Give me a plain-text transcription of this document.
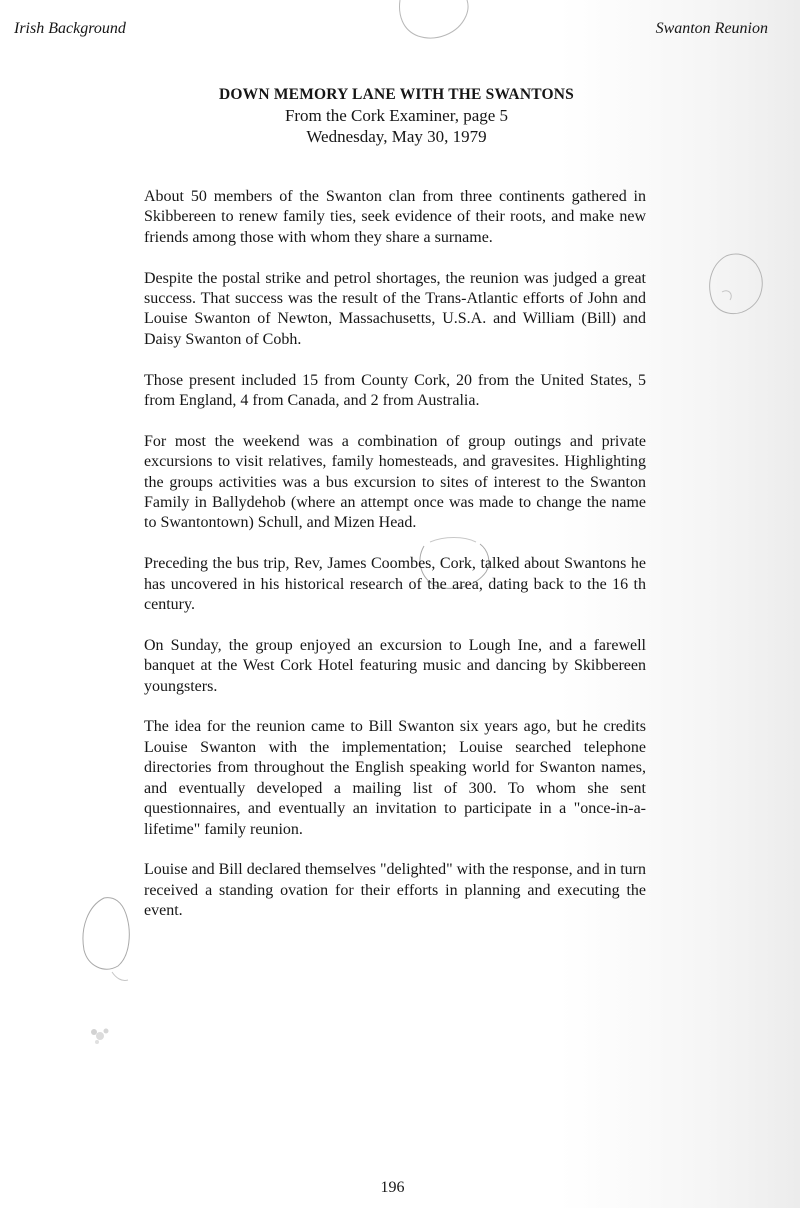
Irish Background	Swanton Reunion
DOWN MEMORY LANE WITH THE SWANTONS
From the Cork Examiner, page 5
Wednesday, May 30, 1979

About 50 members of the Swanton clan from three continents gathered in Skibbereen to renew family ties, seek evidence of their roots, and make new friends among those with whom they share a surname.

Despite the postal strike and petrol shortages, the reunion was judged a great success. That success was the result of the Trans-Atlantic efforts of John and Louise Swanton of Newton, Massachusetts, U.S.A. and William (Bill) and Daisy Swanton of Cobh.

Those present included 15 from County Cork, 20 from the United States, 5 from England, 4 from Canada, and 2 from Australia.

For most the weekend was a combination of group outings and private excursions to visit relatives, family homesteads, and gravesites. Highlighting the groups activities was a bus excursion to sites of interest to the Swanton Family in Ballydehob (where an attempt once was made to change the name to Swantontown) Schull, and Mizen Head.

Preceding the bus trip, Rev, James Coombes, Cork, talked about Swantons he has uncovered in his historical research of the area, dating back to the 16 th century.

On Sunday, the group enjoyed an excursion to Lough Ine, and a farewell banquet at the West Cork Hotel featuring music and dancing by Skibbereen youngsters.

The idea for the reunion came to Bill Swanton six years ago, but he credits Louise Swanton with the implementation; Louise searched telephone directories from throughout the English speaking world for Swanton names, and eventually developed a mailing list of 300. To whom she sent questionnaires, and eventually an invitation to participate in a "once-in-a-lifetime" family reunion.

Louise and Bill declared themselves "delighted" with the response, and in turn received a standing ovation for their efforts in planning and executing the event.

196
